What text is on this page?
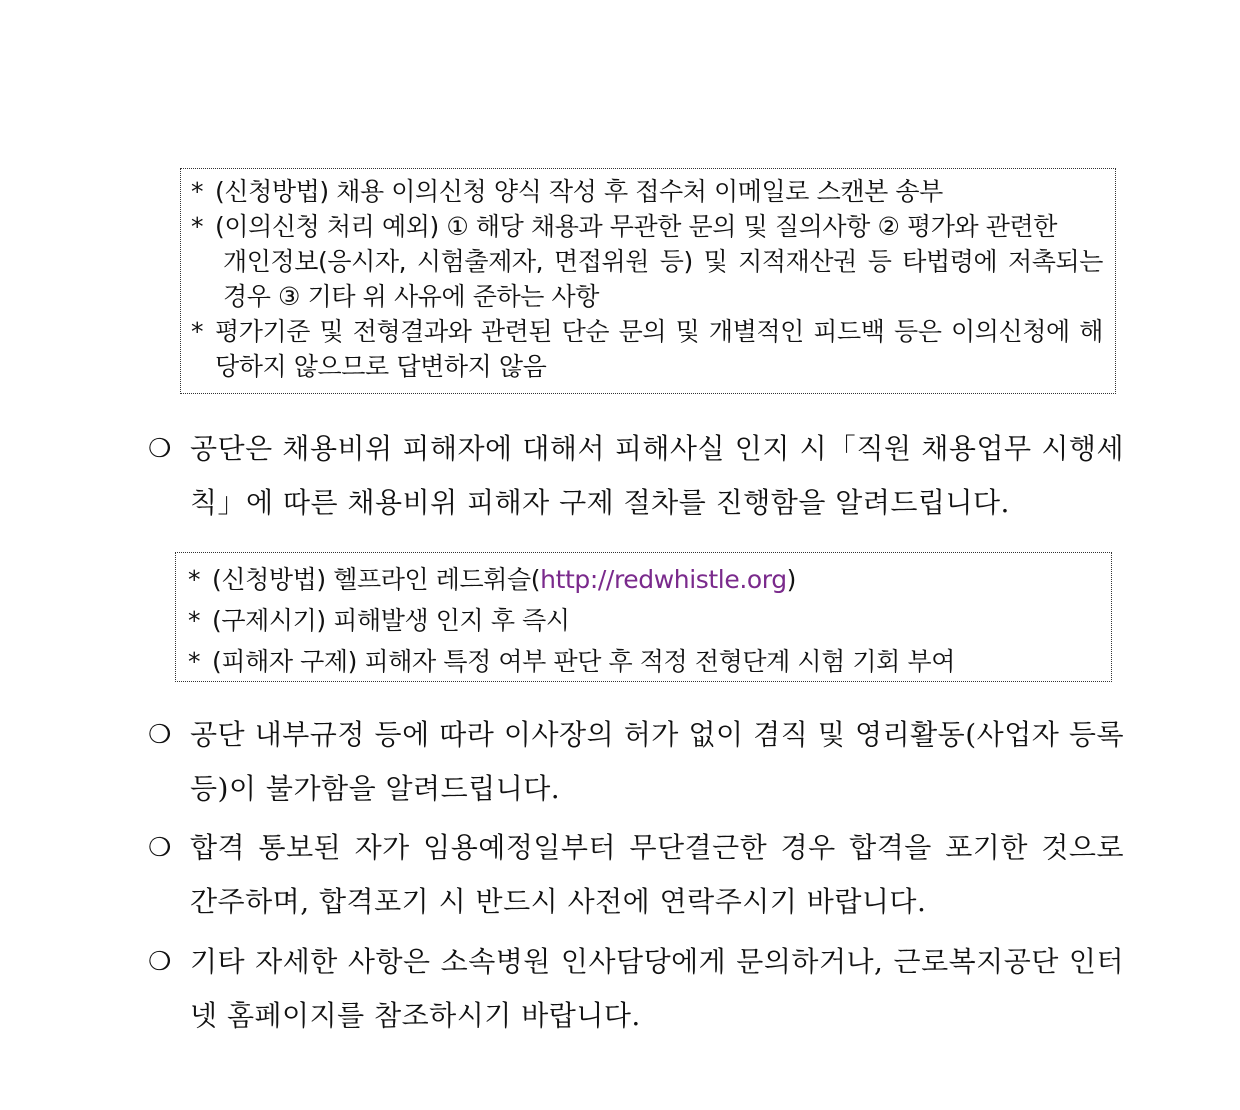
* (신청방법) 채용 이의신청 양식 작성 후 접수처 이메일로 스캔본 송부
* (이의신청 처리 예외) ① 해당 채용과 무관한 문의 및 질의사항 ② 평가와 관련한
개인정보(응시자, 시험출제자, 면접위원 등) 및 지적재산권 등 타법령에 저촉되는 경우 ③ 기타 위 사유에 준하는 사항
* 평가기준 및 전형결과와 관련된 단순 문의 및 개별적인 피드백 등은 이의신청에 해당하지 않으므로 답변하지 않음
❍ 공단은 채용비위 피해자에 대해서 피해사실 인지 시「직원 채용업무 시행세칙」에 따른 채용비위 피해자 구제 절차를 진행함을 알려드립니다.
* (신청방법) 헬프라인 레드휘슬(http://redwhistle.org)
* (구제시기) 피해발생 인지 후 즉시
* (피해자 구제) 피해자 특정 여부 판단 후 적정 전형단계 시험 기회 부여
❍ 공단 내부규정 등에 따라 이사장의 허가 없이 겸직 및 영리활동(사업자 등록 등)이 불가함을 알려드립니다.
❍ 합격 통보된 자가 임용예정일부터 무단결근한 경우 합격을 포기한 것으로 간주하며, 합격포기 시 반드시 사전에 연락주시기 바랍니다.
❍ 기타 자세한 사항은 소속병원 인사담당에게 문의하거나, 근로복지공단 인터넷 홈페이지를 참조하시기 바랍니다.
